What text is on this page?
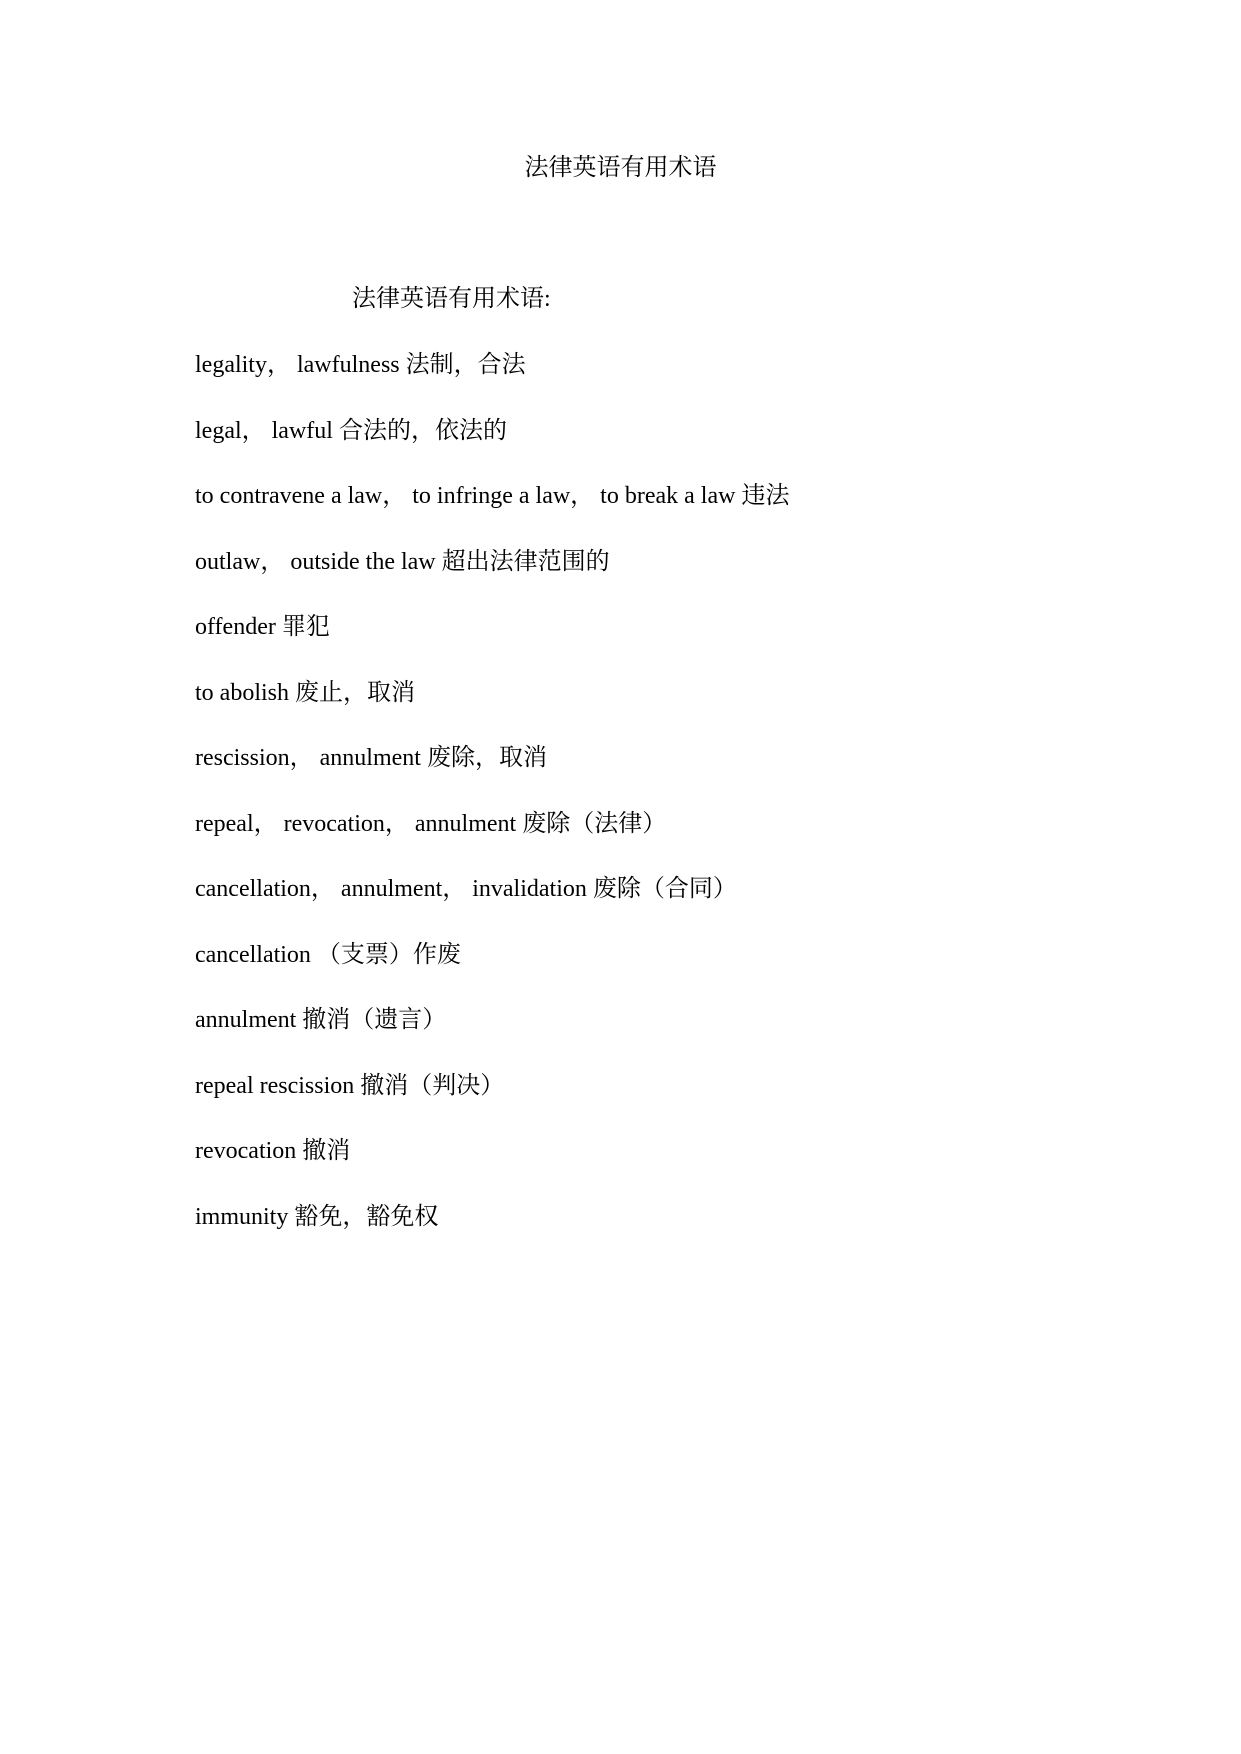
法律英语有用术语
法律英语有用术语:
legality， lawfulness 法制，合法
legal， lawful 合法的，依法的
to contravene a law， to infringe a law， to break a law 违法
outlaw， outside the law 超出法律范围的
offender 罪犯
to abolish 废止，取消
rescission， annulment 废除，取消
repeal， revocation， annulment 废除（法律）
cancellation， annulment， invalidation 废除（合同）
cancellation （支票）作废
annulment 撤消（遗言）
repeal rescission 撤消（判决）
revocation 撤消
immunity 豁免，豁免权
